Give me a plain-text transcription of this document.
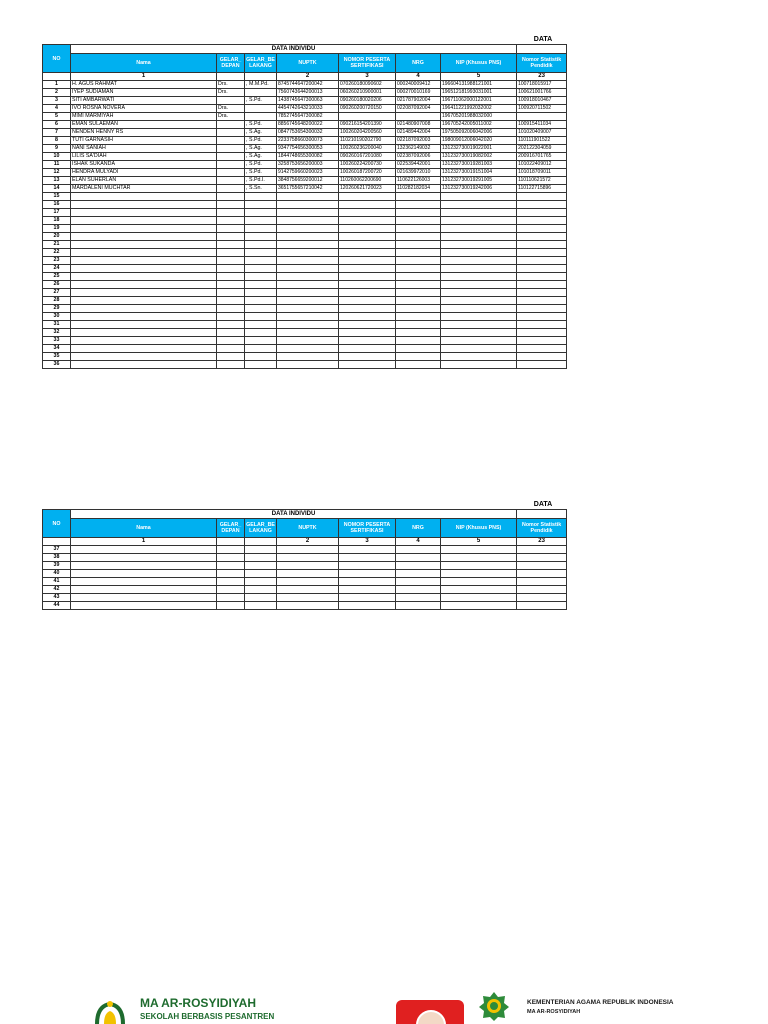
DATA
NO	DATA INDIVIDU							
	Nama	GELAR_ DEPAN	GELAR_BE LAKANG	NUPTK	NOMOR PESERTA SERTIFIKASI	NRG	NIP (Khusus PNS)	Nomor Statistik Pendidik
	1			2	3	4	5	23
1	H. AGUS RAHMAT	Drs.	, M.M.Pd.	8745744647200042	070260180090602	000240009412	196604131988121001	100718015917
2	IYEP SUDIAMAN	Drs.		7560743644200013	060260210900001	000270010169	196512181993031001	100621001766
3	SITI AMBARWATI		, S.Pd.	1438745647300063	090260180020206	021787902004	196711062000122001	100918010467
4	IVO ROSNA NOVERA	Dra.		4454742643210033	090260200720150	022087092004	196411221992032002	100920711502
5	MIMI MARMIYAH	Dra.		7852745647300082			196705201988032000	
6	EMAN SULAEMAN		, S.Pd.	8856745648200022	090216154201390	021480907008	196705242005011002	100915411034
7	NENDEN HENNY RS		, S.Ag.	0847753654300032	100260204200560	021489442004	197505092006042006	101020409007
8	TUTI GARNASIH		, S.Pd.	2233758660300073	110210190202790	022187092003	198009012006042020	110111901522
9	NANI SANIAH		, S.Ag.	9347754656300053	100260236200040	132362149032	131232730019022001	202122304059
10	LILIS SA'DIAH		, S.Ag.	1844748655300082	090260167201080	022387092006	131232730019082002	200916701765
11	ISHAK SUKANDA		, S.Pd.	3258753656200003	100260224200730	022539442001	131232730019281003	101022409012
12	HENDRA MULYADI		, S.Pd.	9142759660200023	100260187200720	021639972010	131232730019151004	101018709011
13	ELAN SUHERLAN		, S.Pd.I.	3848756659200012	110260062200690	110622126003	131232730019291005	110110621572
14	MARDALENI MUCHTAR		, S.Sn.	3651755657210042	120260621720023	110282182034	131232730019242006	110122715896
15								
16								
17								
18								
19								
20								
21								
22								
23								
24								
25								
26								
27								
28								
29								
30								
31								
32								
33								
34								
35								
36								
DATA
NO	DATA INDIVIDU							
	Nama	GELAR_ DEPAN	GELAR_BE LAKANG	NUPTK	NOMOR PESERTA SERTIFIKASI	NRG	NIP (Khusus PNS)	Nomor Statistik Pendidik
	1			2	3	4	5	23
37								
38								
39								
40								
41								
42								
43								
44								
MA AR-ROSYIDIYAH
SEKOLAH BERBASIS PESANTREN
KEMENTERIAN AGAMA REPUBLIK INDONESIA
MA AR-ROSYIDIYAH
